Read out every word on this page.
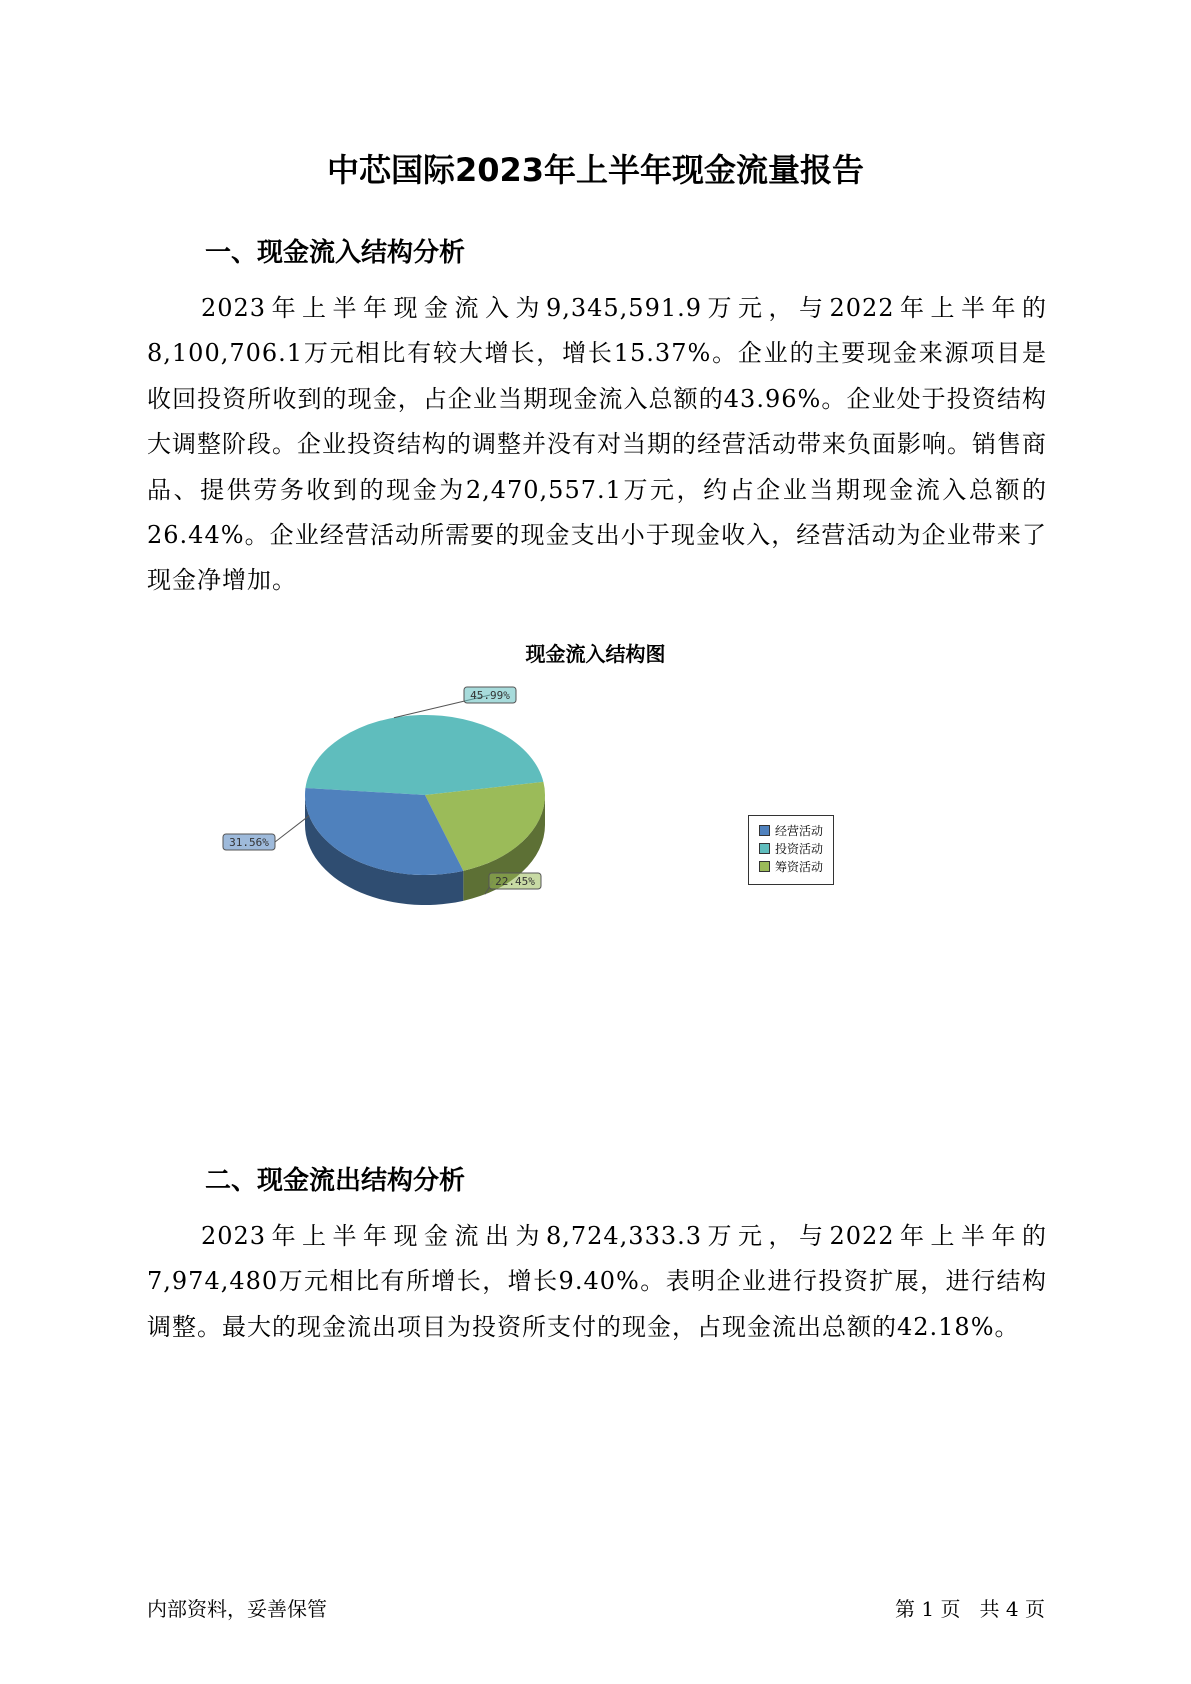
中芯国际2023年上半年现金流量报告
一、现金流入结构分析
2023年上半年现金流入为9,345,591.9万元，与2022年上半年的8,100,706.1万元相比有较大增长，增长15.37%。企业的主要现金来源项目是收回投资所收到的现金，占企业当期现金流入总额的43.96%。企业处于投资结构大调整阶段。企业投资结构的调整并没有对当期的经营活动带来负面影响。销售商品、提供劳务收到的现金为2,470,557.1万元，约占企业当期现金流入总额的26.44%。企业经营活动所需要的现金支出小于现金收入，经营活动为企业带来了现金净增加。
现金流入结构图
45.99%
31.56%
22.45%
经营活动
投资活动
筹资活动
二、现金流出结构分析
2023年上半年现金流出为8,724,333.3万元，与2022年上半年的7,974,480万元相比有所增长，增长9.40%。表明企业进行投资扩展，进行结构调整。最大的现金流出项目为投资所支付的现金，占现金流出总额的42.18%。
内部资料，妥善保管	第 1 页   共 4 页
